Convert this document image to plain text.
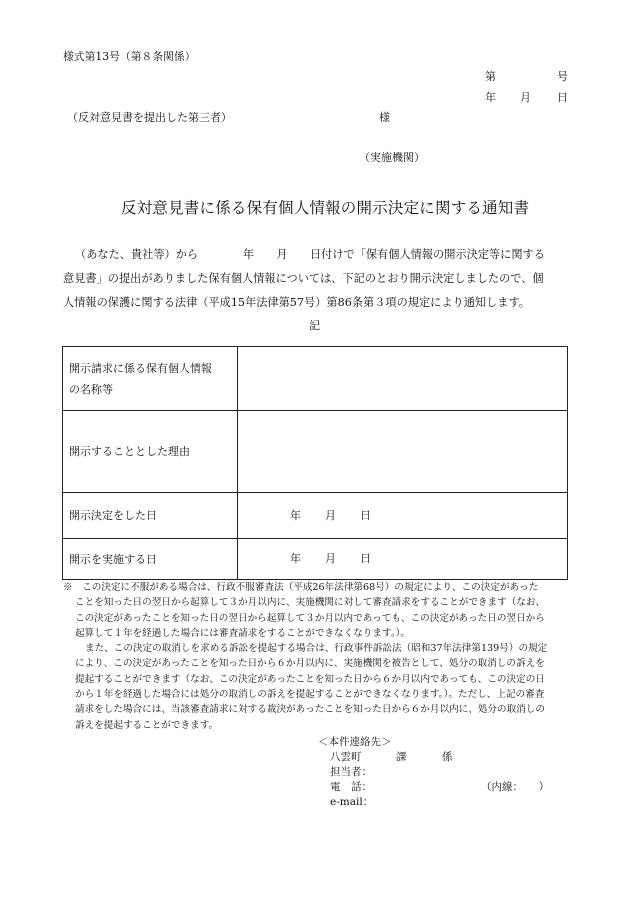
様式第13号（第８条関係）
第	号
年 月 日
（反対意見書を提出した第三者）	様
（実施機関）
反対意見書に係る保有個人情報の開示決定に関する通知書
（あなた、貴社等）から　　　　年　　月　　日付けで「保有個人情報の開示決定等に関する
意見書」の提出がありました保有個人情報については、下記のとおり開示決定しましたので、個
人情報の保護に関する法律（平成15年法律第57号）第86条第３項の規定により通知します。
記
開示請求に係る保有個人情報
の名称等	

開示することとした理由	
開示決定をした日	年 月 日
開示を実施する日	年 月 日
※　 この決定に不服がある場合は、行政不服審査法（平成26年法律第68号）の規定により、この決定があった
ことを知った日の翌日から起算して３か月以内に、実施機関に対して審査請求をすることができます（なお、
この決定があったことを知った日の翌日から起算して３か月以内であっても、この決定があった日の翌日から
起算して１年を経過した場合には審査請求をすることができなくなります。）。
また、この決定の取消しを求める訴訟を提起する場合は、行政事件訴訟法（昭和37年法律第139号）の規定
により、この決定があったことを知った日から６か月以内に、実施機関を被告として、処分の取消しの訴えを
提起することができます（なお、この決定があったことを知った日から６か月以内であっても、この決定の日
から１年を経過した場合には処分の取消しの訴えを提起することができなくなります。）。ただし、上記の審査
請求をした場合には、当該審査請求に対する裁決があったことを知った日から６か月以内に、処分の取消しの
訴えを提起することができます。
＜本件連絡先＞
八雲町	課	係
担当者：
電　話：	（内線：　　）
e-mail：
